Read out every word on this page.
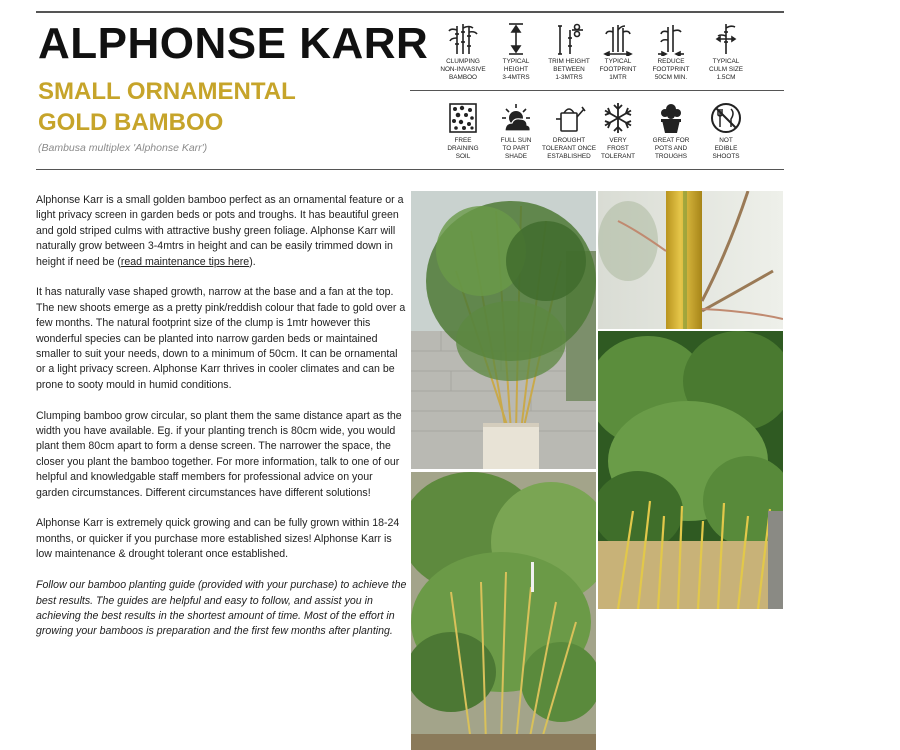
ALPHONSE KARR
SMALL ORNAMENTAL
GOLD BAMBOO
(Bambusa multiplex 'Alphonse Karr')
CLUMPING
NON-INVASIVE
BAMBOO
TYPICAL
HEIGHT
3-4MTRS
TRIM HEIGHT
BETWEEN
1-3MTRS
TYPICAL
FOOTPRINT
1MTR
REDUCE
FOOTPRINT
50CM MIN.
TYPICAL
CULM SIZE
1.5CM
FREE
DRAINING
SOIL
FULL SUN
TO PART
SHADE
DROUGHT
TOLERANT ONCE
ESTABLISHED
VERY
FROST
TOLERANT
GREAT FOR
POTS AND
TROUGHS
NOT
EDIBLE
SHOOTS

Alphonse Karr is a small golden bamboo perfect as an ornamental feature or a light privacy screen in garden beds or pots and troughs. It has beautiful green and gold striped culms with attractive bushy green foliage. Alphonse Karr will naturally grow between 3-4mtrs in height and can be easily trimmed down in height if need be (read maintenance tips here).

It has naturally vase shaped growth, narrow at the base and a fan at the top. The new shoots emerge as a pretty pink/reddish colour that fade to gold over a few months. The natural footprint size of the clump is 1mtr however this wonderful species can be planted into narrow garden beds or maintained smaller to suit your needs, down to a minimum of 50cm. It can be ornamental or a light privacy screen. Alphonse Karr thrives in cooler climates and can be prone to sooty mould in humid conditions.

Clumping bamboo grow circular, so plant them the same distance apart as the width you have available. Eg. if your planting trench is 80cm wide, you would plant them 80cm apart to form a dense screen. The narrower the space, the closer you plant the bamboo together. For more information, talk to one of our helpful and knowledgable staff members for professional advice on your garden circumstances. Different circumstances have different solutions!

Alphonse Karr is extremely quick growing and can be fully grown within 18-24 months, or quicker if you purchase more established sizes! Alphonse Karr is low maintenance & drought tolerant once established.

Follow our bamboo planting guide (provided with your purchase) to achieve the best results. The guides are helpful and easy to follow, and assist you in achieving the best results in the shortest amount of time. Most of the effort in growing your bamboos is preparation and the first few months after planting.
